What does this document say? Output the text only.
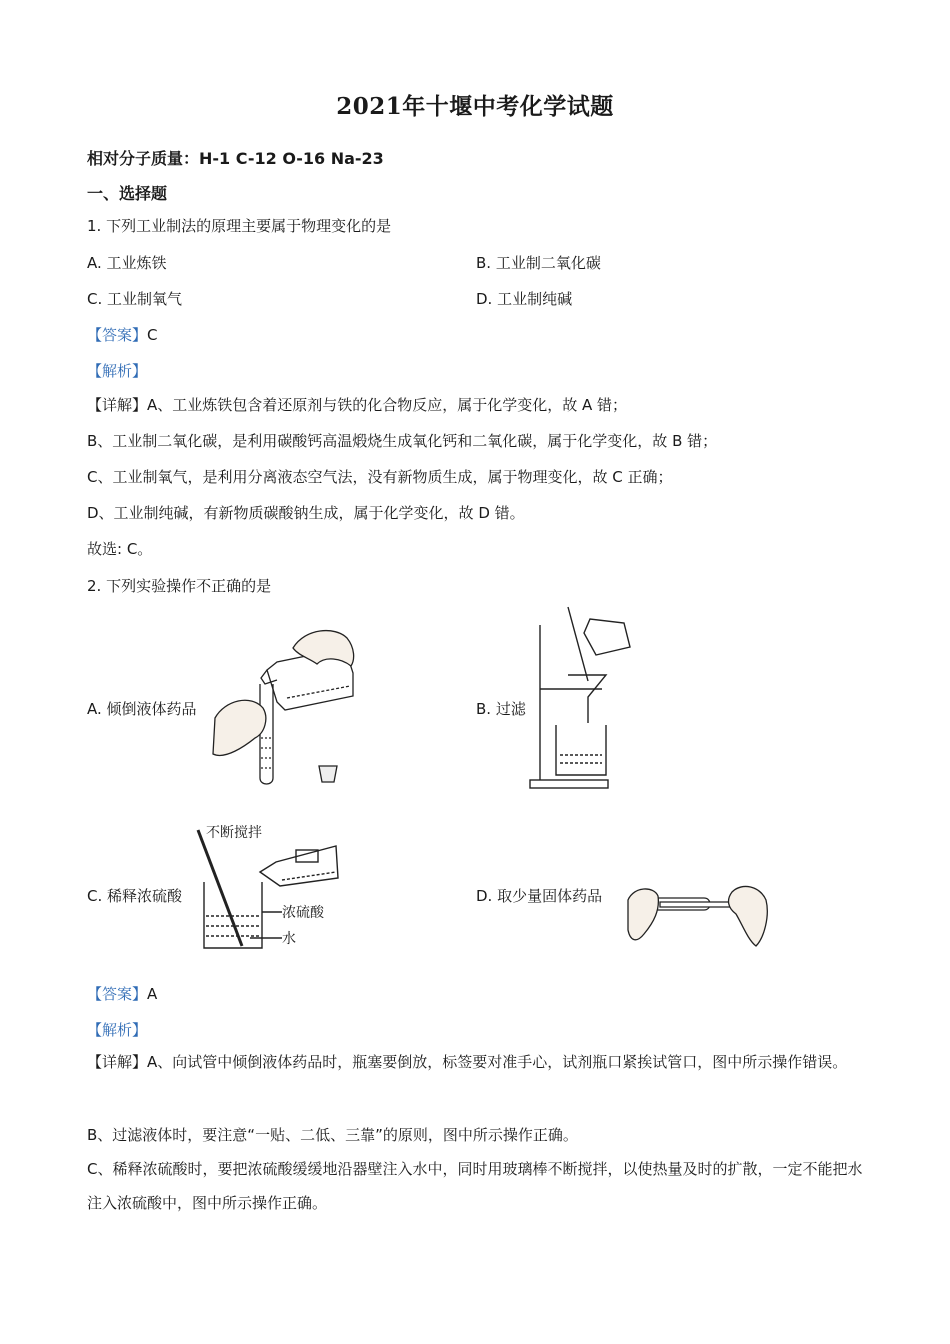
2021年十堰中考化学试题
相对分子质量：H-1 C-12 O-16 Na-23
一、选择题
1. 下列工业制法的原理主要属于物理变化的是
A. 工业炼铁	B. 工业制二氧化碳
C. 工业制氧气	D. 工业制纯碱
【答案】C
【解析】
【详解】A、工业炼铁包含着还原剂与铁的化合物反应，属于化学变化，故 A 错；
B、工业制二氧化碳，是利用碳酸钙高温煅烧生成氧化钙和二氧化碳，属于化学变化，故 B 错；
C、工业制氧气，是利用分离液态空气法，没有新物质生成，属于物理变化，故 C 正确；
D、工业制纯碱，有新物质碳酸钠生成，属于化学变化，故 D 错。
故选: C。
2. 下列实验操作不正确的是
A. 倾倒液体药品	B. 过滤
C. 稀释浓硫酸	D. 取少量固体药品
不断搅拌
浓硫酸
水
【答案】A
【解析】
【详解】A、向试管中倾倒液体药品时，瓶塞要倒放，标签要对准手心，试剂瓶口紧挨试管口，图中所示操作错误。
B、过滤液体时，要注意“一贴、二低、三靠”的原则，图中所示操作正确。
C、稀释浓硫酸时，要把浓硫酸缓缓地沿器壁注入水中，同时用玻璃棒不断搅拌，以使热量及时的扩散，一定不能把水注入浓硫酸中，图中所示操作正确。
